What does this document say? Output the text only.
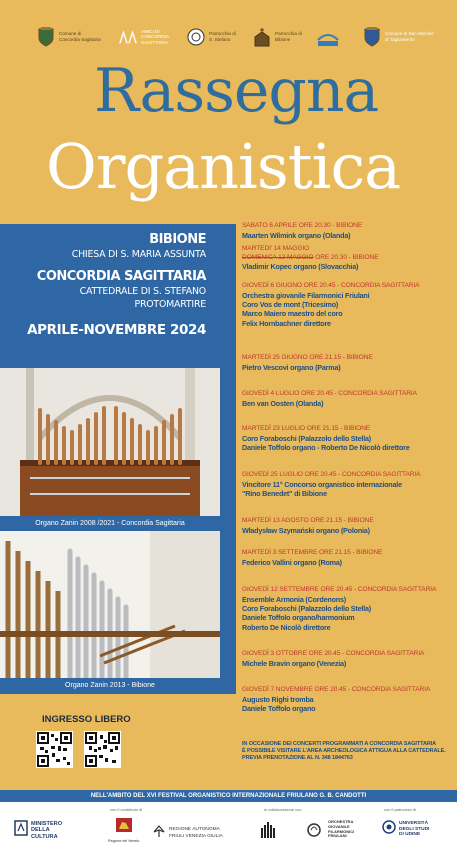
Comune di
Concordia Sagittaria
AMICI DI
CONCORDIA
SAGITTARIA
Parrocchia di
S. Stefano
Parrocchia di
Bibione
Comune di San Michele
al Tagliamento
Rassegna
Organistica
BIBIONE
CHIESA DI S. MARIA ASSUNTA
CONCORDIA SAGITTARIA
CATTEDRALE DI S. STEFANO
PROTOMARTIRE
APRILE-NOVEMBRE 2024
Organo Zanin 2008 /2021 - Concordia Sagittaria
Organo Zanin 2013 - Bibione
INGRESSO LIBERO
SABATO 6 APRILE ORE 20.30 - BIBIONE
Maarten Wilmink organo (Olanda)
MARTEDI' 14 MAGGIO
DOMENICA 12 MAGGIO ORE 20.30 - BIBIONE
Vladimir Kopec organo (Slovacchia)
GIOVEDÌ 6 GIUGNO ORE 20.45 - CONCORDIA SAGITTARIA
Orchestra giovanile Filarmonici Friulani
Coro Vos de mont (Tricesimo)
Marco Maiero maestro del coro
Felix Hornbachner direttore
MARTEDÌ 25 GIUGNO ORE 21.15 - BIBIONE
Pietro Vescovi organo (Parma)
GIOVEDÌ 4 LUGLIO ORE 20.45 - CONCORDIA SAGITTARIA
Ben van Oosten (Olanda)
MARTEDÌ 23 LUGLIO ORE 21.15 - BIBIONE
Coro Foraboschi (Palazzolo dello Stella)
Daniele Toffolo organo - Roberto De Nicolò direttore
GIOVEDÌ 25 LUGLIO ORE 20.45 - CONCORDIA SAGITTARIA
Vincitore 11° Concorso organistico internazionale
"Rino Benedet" di Bibione
MARTEDÌ 13 AGOSTO ORE 21.15 - BIBIONE
Władysław Szymański organo (Polonia)
MARTEDÌ 3 SETTEMBRE ORE 21.15 - BIBIONE
Federico Vallini organo (Roma)
GIOVEDÌ 12 SETTEMBRE ORE 20.45 - CONCORDIA SAGITTARIA
Ensemble Armonia (Cordenons)
Coro Foraboschi (Palazzolo dello Stella)
Daniele Toffolo organo/harmonium
Roberto De Nicolò direttore
GIOVEDÌ 3 OTTOBRE ORE 20.45 - CONCORDIA SAGITTARIA
Michele Bravin organo (Venezia)
GIOVEDÌ 7 NOVEMBRE ORE 20.45 - CONCORDIA SAGITTARIA
Augusto Righi tromba
Daniele Toffolo organo
IN OCCASIONE DEI CONCERTI PROGRAMMATI A CONCORDIA SAGITTARIA
È POSSIBILE VISITARE L'AREA ARCHEOLOGICA ATTIGUA ALLA CATTEDRALE.
PREVIA PRENOTAZIONE AL N. 348 1844763
NELL'AMBITO DEL XVI FESTIVAL ORGANISTICO INTERNAZIONALE FRIULANO G. B. CANDOTTI
con il contributo di	in collaborazione con	con il patrocinio di
MINISTERO
DELLA
CULTURA
Regione del Veneto
REGIONE AUTONOMA
FRIULI VENEZIA GIULIA
ORCHESTRA
GIOVANILE
FILARMONICI
FRIULANI
UNIVERSITÀ
DEGLI STUDI
DI UDINE
